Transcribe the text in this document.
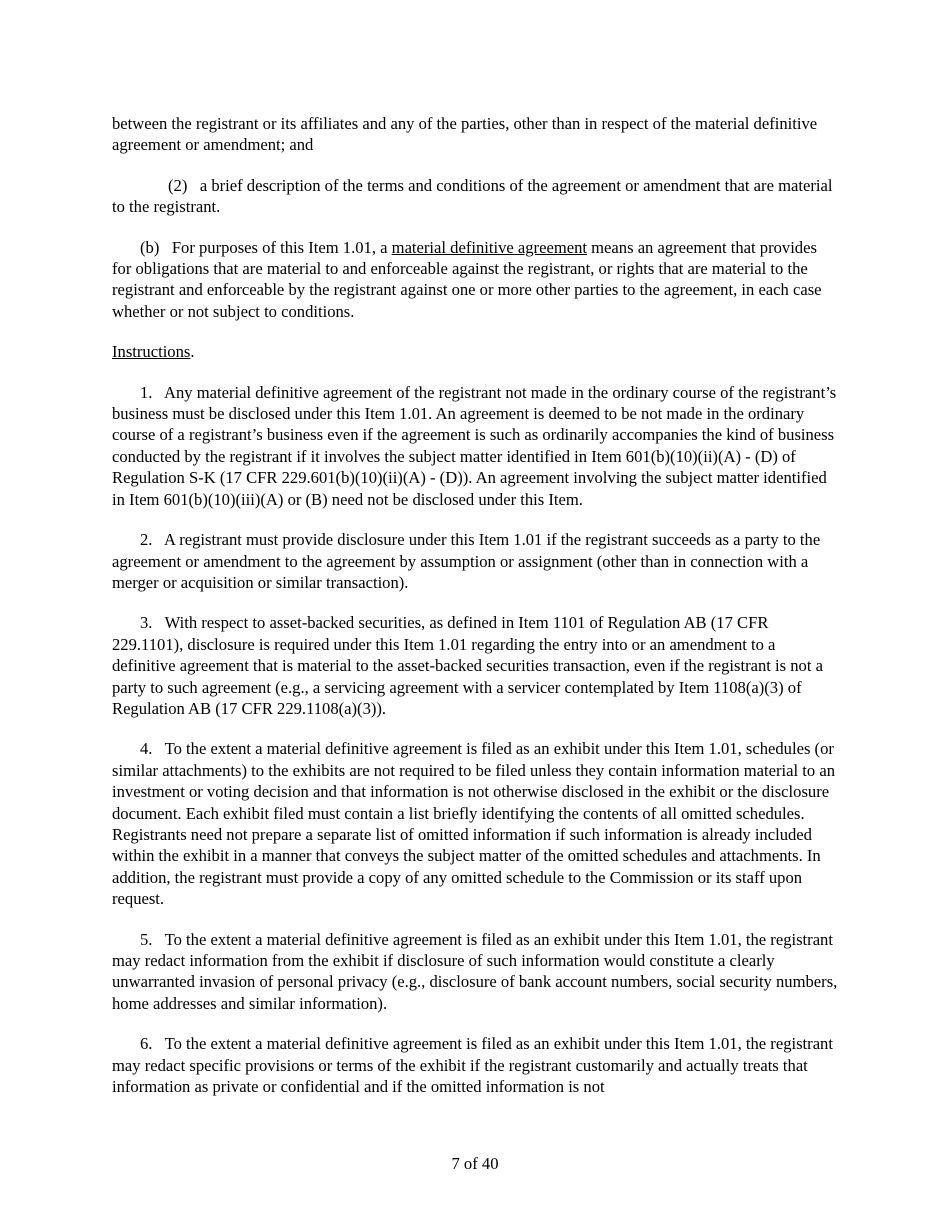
between the registrant or its affiliates and any of the parties, other than in respect of the material definitive agreement or amendment; and

(2) a brief description of the terms and conditions of the agreement or amendment that are material to the registrant.

(b) For purposes of this Item 1.01, a material definitive agreement means an agreement that provides for obligations that are material to and enforceable against the registrant, or rights that are material to the registrant and enforceable by the registrant against one or more other parties to the agreement, in each case whether or not subject to conditions.

Instructions.

1. Any material definitive agreement of the registrant not made in the ordinary course of the registrant’s business must be disclosed under this Item 1.01. An agreement is deemed to be not made in the ordinary course of a registrant’s business even if the agreement is such as ordinarily accompanies the kind of business conducted by the registrant if it involves the subject matter identified in Item 601(b)(10)(ii)(A) - (D) of Regulation S-K (17 CFR 229.601(b)(10)(ii)(A) - (D)). An agreement involving the subject matter identified in Item 601(b)(10)(iii)(A) or (B) need not be disclosed under this Item.

2. A registrant must provide disclosure under this Item 1.01 if the registrant succeeds as a party to the agreement or amendment to the agreement by assumption or assignment (other than in connection with a merger or acquisition or similar transaction).

3. With respect to asset-backed securities, as defined in Item 1101 of Regulation AB (17 CFR 229.1101), disclosure is required under this Item 1.01 regarding the entry into or an amendment to a definitive agreement that is material to the asset-backed securities transaction, even if the registrant is not a party to such agreement (e.g., a servicing agreement with a servicer contemplated by Item 1108(a)(3) of Regulation AB (17 CFR 229.1108(a)(3)).

4. To the extent a material definitive agreement is filed as an exhibit under this Item 1.01, schedules (or similar attachments) to the exhibits are not required to be filed unless they contain information material to an investment or voting decision and that information is not otherwise disclosed in the exhibit or the disclosure document. Each exhibit filed must contain a list briefly identifying the contents of all omitted schedules. Registrants need not prepare a separate list of omitted information if such information is already included within the exhibit in a manner that conveys the subject matter of the omitted schedules and attachments. In addition, the registrant must provide a copy of any omitted schedule to the Commission or its staff upon request.

5. To the extent a material definitive agreement is filed as an exhibit under this Item 1.01, the registrant may redact information from the exhibit if disclosure of such information would constitute a clearly unwarranted invasion of personal privacy (e.g., disclosure of bank account numbers, social security numbers, home addresses and similar information).

6. To the extent a material definitive agreement is filed as an exhibit under this Item 1.01, the registrant may redact specific provisions or terms of the exhibit if the registrant customarily and actually treats that information as private or confidential and if the omitted information is not

7 of 40
